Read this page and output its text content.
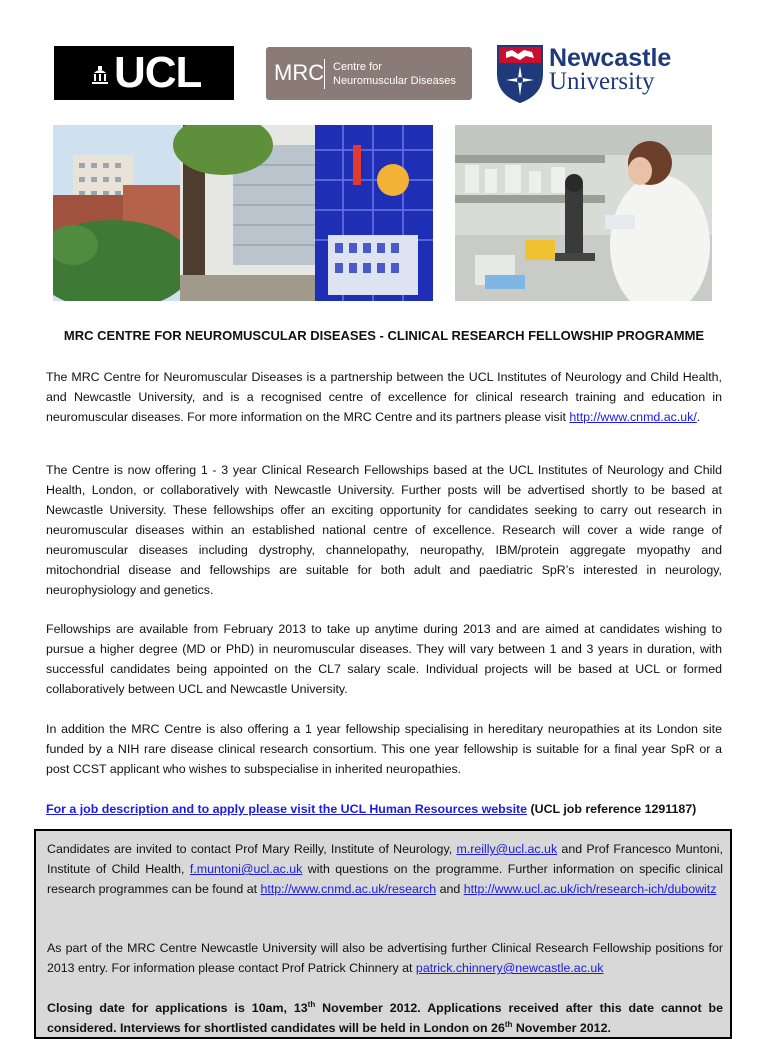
UCL	MRC Centre for
Neuromuscular Diseases
Newcastle
University
MRC CENTRE FOR NEUROMUSCULAR DISEASES - CLINICAL RESEARCH FELLOWSHIP PROGRAMME

The MRC Centre for Neuromuscular Diseases is a partnership between the UCL Institutes of Neurology and Child Health, and Newcastle University, and is a recognised centre of excellence for clinical research training and education in neuromuscular diseases. For more information on the MRC Centre and its partners please visit http://www.cnmd.ac.uk/.

The Centre is now offering 1 - 3 year Clinical Research Fellowships based at the UCL Institutes of Neurology and Child Health, London, or collaboratively with Newcastle University. Further posts will be advertised shortly to be based at Newcastle University. These fellowships offer an exciting opportunity for candidates seeking to carry out research in neuromuscular diseases within an established national centre of excellence. Research will cover a wide range of neuromuscular diseases including dystrophy, channelopathy, neuropathy, IBM/protein aggregate myopathy and mitochondrial disease and fellowships are suitable for both adult and paediatric SpR’s interested in neurology, neurophysiology and genetics.

Fellowships are available from February 2013 to take up anytime during 2013 and are aimed at candidates wishing to pursue a higher degree (MD or PhD) in neuromuscular diseases. They will vary between 1 and 3 years in duration, with successful candidates being appointed on the CL7 salary scale. Individual projects will be based at UCL or formed collaboratively between UCL and Newcastle University.

In addition the MRC Centre is also offering a 1 year fellowship specialising in hereditary neuropathies at its London site funded by a NIH rare disease clinical research consortium. This one year fellowship is suitable for a final year SpR or a post CCST applicant who wishes to subspecialise in inherited neuropathies.

For a job description and to apply please visit the UCL Human Resources website (UCL job reference 1291187)

Candidates are invited to contact Prof Mary Reilly, Institute of Neurology, m.reilly@ucl.ac.uk and Prof Francesco Muntoni, Institute of Child Health, f.muntoni@ucl.ac.uk with questions on the programme. Further information on specific clinical research programmes can be found at http://www.cnmd.ac.uk/research and http://www.ucl.ac.uk/ich/research-ich/dubowitz

As part of the MRC Centre Newcastle University will also be advertising further Clinical Research Fellowship positions for 2013 entry. For information please contact Prof Patrick Chinnery at patrick.chinnery@newcastle.ac.uk

Closing date for applications is 10am, 13th November 2012. Applications received after this date cannot be considered. Interviews for shortlisted candidates will be held in London on 26th November 2012.
